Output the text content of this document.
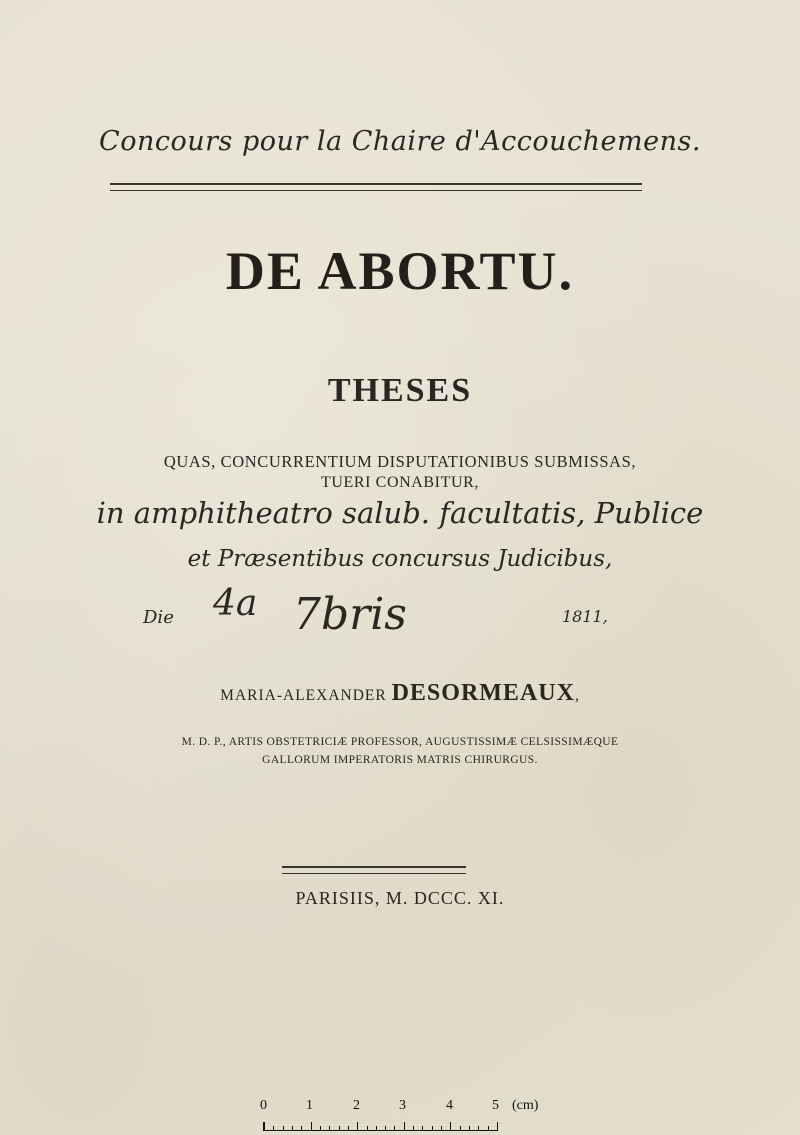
Concours pour la Chaire d'Accouchemens.
DE ABORTU.
THESES
QUAS, CONCURRENTIUM DISPUTATIONIBUS SUBMISSAS,
TUERI CONABITUR,
in amphitheatro salub. facultatis, Publice
et Præsentibus concursus Judicibus,
Die 4a 7bris	1811,
MARIA-ALEXANDER DESORMEAUX,
M. D. P., ARTIS OBSTETRICIÆ PROFESSOR, AUGUSTISSIMÆ CELSISSIMÆQUE
GALLORUM IMPERATORIS MATRIS CHIRURGUS.
PARISIIS, M. DCCC. XI.
0	1	2	3	4	5 (cm)
